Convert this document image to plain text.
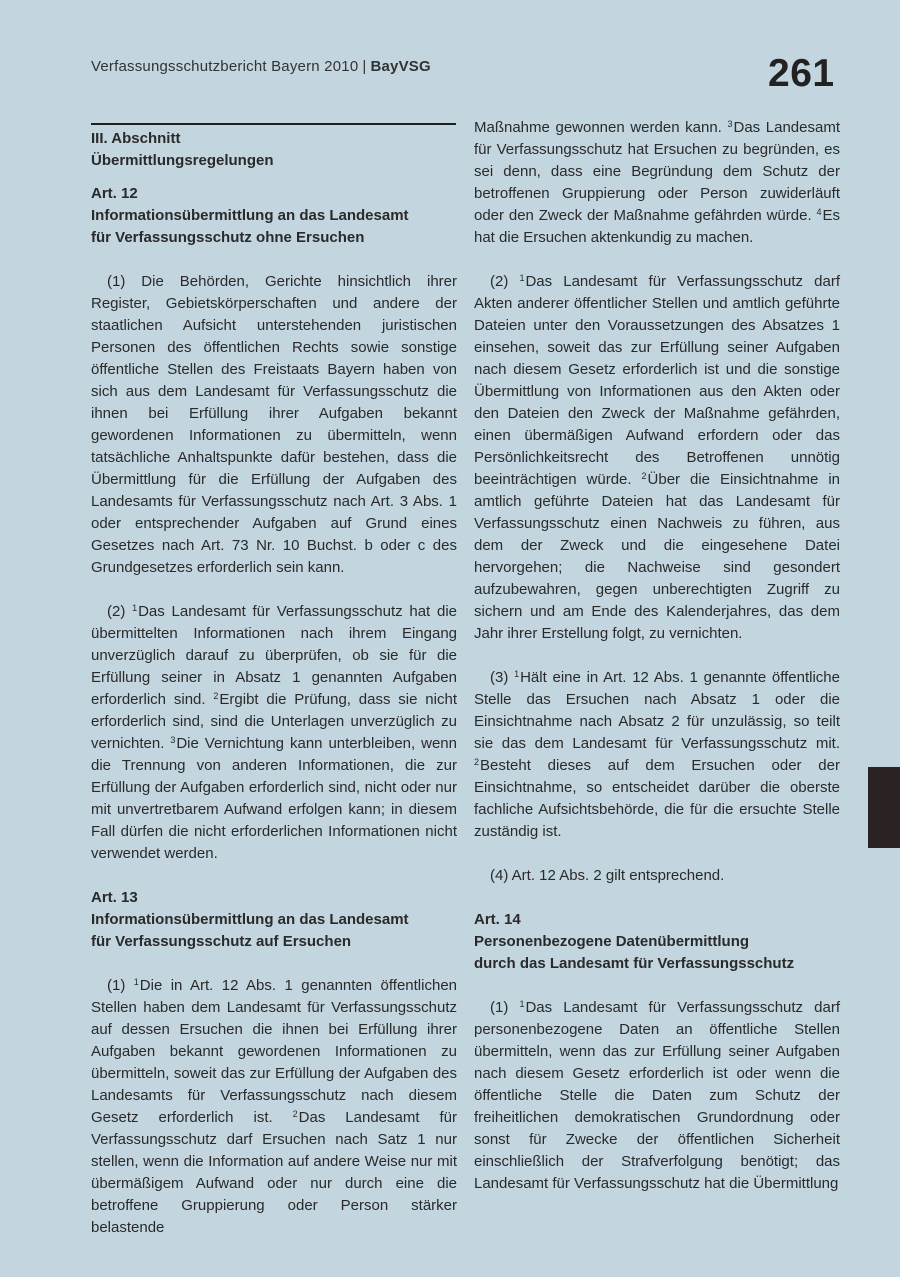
Verfassungsschutzbericht Bayern 2010 | BayVSG	261

III. Abschnitt

Übermittlungsregelungen

Art. 12

Informationsübermittlung an das Landesamt

für Verfassungsschutz ohne Ersuchen

(1) Die Behörden, Gerichte hinsichtlich ihrer Register, Gebietskörperschaften und andere der staatlichen Aufsicht unterstehenden juristischen Personen des öffentlichen Rechts sowie sonstige öffentliche Stellen des Freistaats Bayern haben von sich aus dem Landesamt für Verfassungsschutz die ihnen bei Erfüllung ihrer Aufgaben bekannt gewordenen Informationen zu übermitteln, wenn tatsächliche Anhaltspunkte dafür bestehen, dass die Übermittlung für die Erfüllung der Aufgaben des Landesamts für Verfassungsschutz nach Art. 3 Abs. 1 oder entsprechender Aufgaben auf Grund eines Gesetzes nach Art. 73 Nr. 10 Buchst. b oder c des Grundgesetzes erforderlich sein kann.

(2) $^1$Das Landesamt für Verfassungsschutz hat die übermittelten Informationen nach ihrem Eingang unverzüglich darauf zu überprüfen, ob sie für die Erfüllung seiner in Absatz 1 genannten Aufgaben erforderlich sind. $^2$Ergibt die Prüfung, dass sie nicht erforderlich sind, sind die Unterlagen unverzüglich zu vernichten. $^3$Die Vernichtung kann unterbleiben, wenn die Trennung von anderen Informationen, die zur Erfüllung der Aufgaben erforderlich sind, nicht oder nur mit unvertretbarem Aufwand erfolgen kann; in diesem Fall dürfen die nicht erforderlichen Informationen nicht verwendet werden.

Art. 13

Informationsübermittlung an das Landesamt

für Verfassungsschutz auf Ersuchen

(1) $^1$Die in Art. 12 Abs. 1 genannten öffentlichen Stellen haben dem Landesamt für Verfassungsschutz auf dessen Ersuchen die ihnen bei Erfüllung ihrer Aufgaben bekannt gewordenen Informationen zu übermitteln, soweit das zur Erfüllung der Aufgaben des Landesamts für Verfassungsschutz nach diesem Gesetz erforderlich ist. $^2$Das Landesamt für Verfassungsschutz darf Ersuchen nach Satz 1 nur stellen, wenn die Information auf andere Weise nur mit übermäßigem Aufwand oder nur durch eine die betroffene Gruppierung oder Person stärker belastende

Maßnahme gewonnen werden kann. $^3$Das Landesamt für Verfassungsschutz hat Ersuchen zu begründen, es sei denn, dass eine Begründung dem Schutz der betroffenen Gruppierung oder Person zuwiderläuft oder den Zweck der Maßnahme gefährden würde. $^4$Es hat die Ersuchen aktenkundig zu machen.

(2) $^1$Das Landesamt für Verfassungsschutz darf Akten anderer öffentlicher Stellen und amtlich geführte Dateien unter den Voraussetzungen des Absatzes 1 einsehen, soweit das zur Erfüllung seiner Aufgaben nach diesem Gesetz erforderlich ist und die sonstige Übermittlung von Informationen aus den Akten oder den Dateien den Zweck der Maßnahme gefährden, einen übermäßigen Aufwand erfordern oder das Persönlichkeitsrecht des Betroffenen unnötig beeinträchtigen würde. $^2$Über die Einsichtnahme in amtlich geführte Dateien hat das Landesamt für Verfassungsschutz einen Nachweis zu führen, aus dem der Zweck und die eingesehene Datei hervorgehen; die Nachweise sind gesondert aufzubewahren, gegen unberechtigten Zugriff zu sichern und am Ende des Kalenderjahres, das dem Jahr ihrer Erstellung folgt, zu vernichten.

(3) $^1$Hält eine in Art. 12 Abs. 1 genannte öffentliche Stelle das Ersuchen nach Absatz 1 oder die Einsichtnahme nach Absatz 2 für unzulässig, so teilt sie das dem Landesamt für Verfassungsschutz mit. $^2$Besteht dieses auf dem Ersuchen oder der Einsichtnahme, so entscheidet darüber die oberste fachliche Aufsichtsbehörde, die für die ersuchte Stelle zuständig ist.

(4) Art. 12 Abs. 2 gilt entsprechend.

Art. 14

Personenbezogene Datenübermittlung

durch das Landesamt für Verfassungsschutz

(1) $^1$Das Landesamt für Verfassungsschutz darf personenbezogene Daten an öffentliche Stellen übermitteln, wenn das zur Erfüllung seiner Aufgaben nach diesem Gesetz erforderlich ist oder wenn die öffentliche Stelle die Daten zum Schutz der freiheitlichen demokratischen Grundordnung oder sonst für Zwecke der öffentlichen Sicherheit einschließlich der Strafverfolgung benötigt; das Landesamt für Verfassungsschutz hat die Übermittlung
